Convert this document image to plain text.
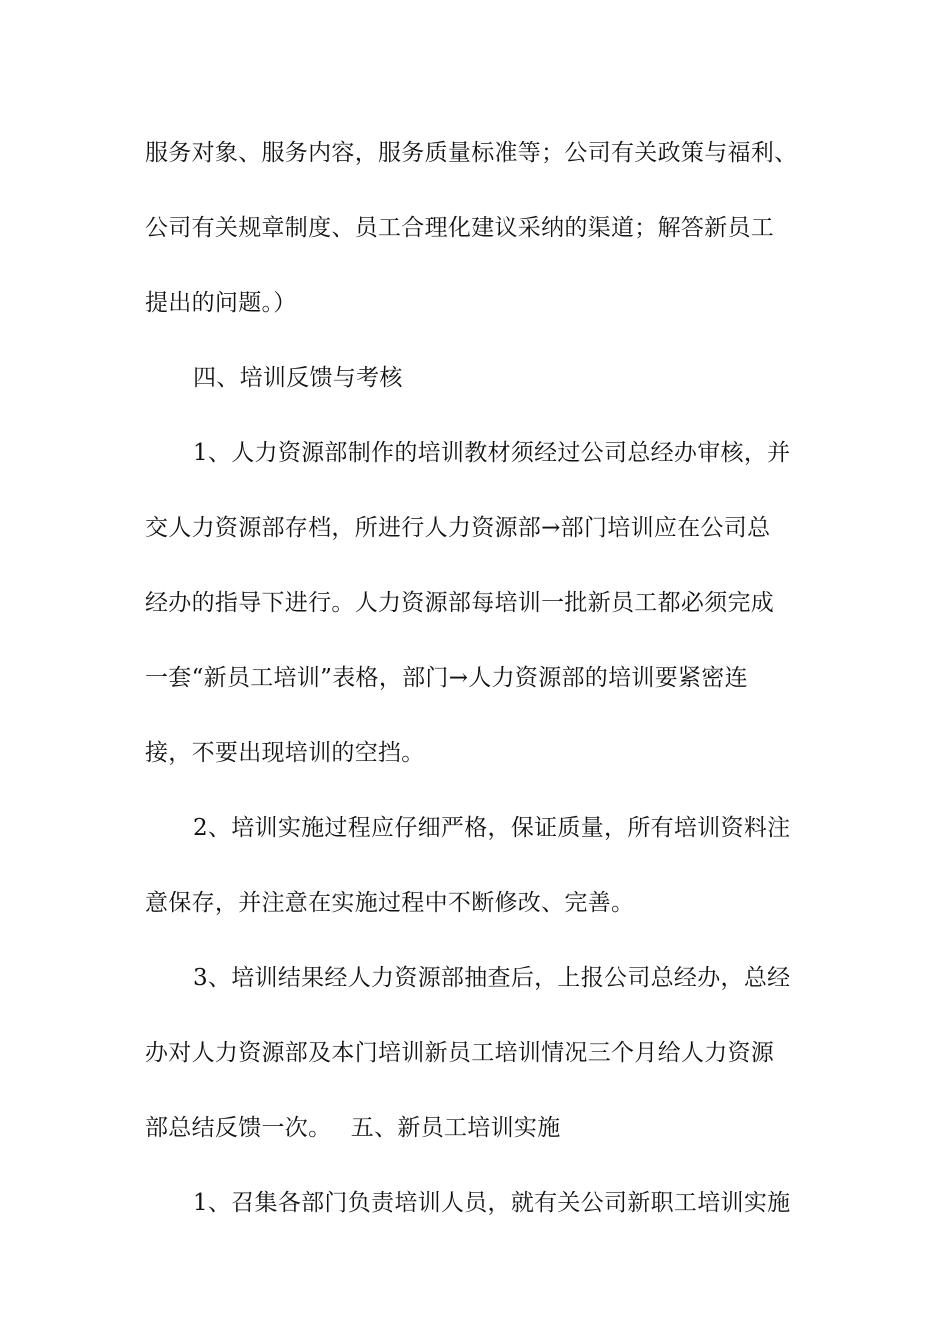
服务对象、服务内容，服务质量标准等；公司有关政策与福利、
公司有关规章制度、员工合理化建议采纳的渠道；解答新员工
提出的问题。）
四、培训反馈与考核
1、人力资源部制作的培训教材须经过公司总经办审核，并
交人力资源部存档，所进行人力资源部→部门培训应在公司总
经办的指导下进行。人力资源部每培训一批新员工都必须完成
一套“新员工培训”表格，部门→人力资源部的培训要紧密连
接，不要出现培训的空挡。
2、培训实施过程应仔细严格，保证质量，所有培训资料注
意保存，并注意在实施过程中不断修改、完善。
3、培训结果经人力资源部抽查后，上报公司总经办，总经
办对人力资源部及本门培训新员工培训情况三个月给人力资源
部总结反馈一次。　 五、新员工培训实施
1、召集各部门负责培训人员，就有关公司新职工培训实施
